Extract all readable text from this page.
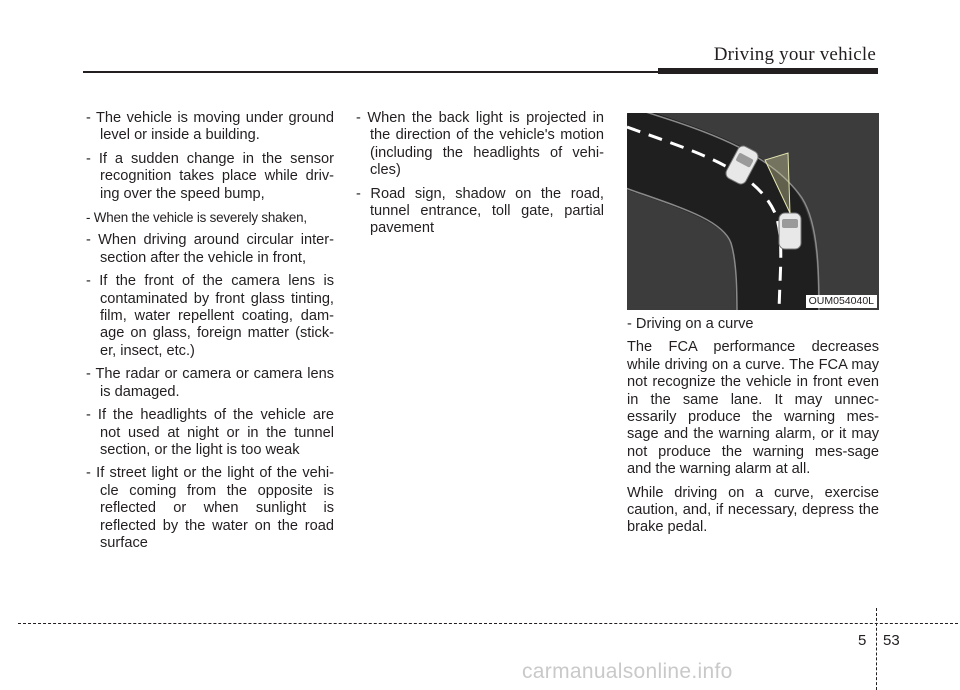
Driving your vehicle

- The vehicle is moving under ground level or inside a building.

- If a sudden change in the sensor recognition takes place while driv-ing over the speed bump,

- When the vehicle is severely shaken,

- When driving around circular inter-section after the vehicle in front,

- If the front of the camera lens is contaminated by front glass tinting, film, water repellent coating, dam-age on glass, foreign matter (stick-er, insect, etc.)

- The radar or camera or camera lens is damaged.

- If the headlights of the vehicle are not used at night or in the tunnel section, or the light is too weak

- If street light or the light of the vehi-cle coming from the opposite is reflected or when sunlight is reflected by the water on the road surface

- When the back light is projected in the direction of the vehicle's motion (including the headlights of vehi-cles)

- Road sign, shadow on the road, tunnel entrance, toll gate, partial pavement

OUM054040L

- Driving on a curve

The FCA performance decreases while driving on a curve. The FCA may not recognize the vehicle in front even in the same lane. It may unnec-essarily produce the warning mes-sage and the warning alarm, or it may not produce the warning mes-sage and the warning alarm at all.

While driving on a curve, exercise caution, and, if necessary, depress the brake pedal.

5 53
carmanualsonline.info
